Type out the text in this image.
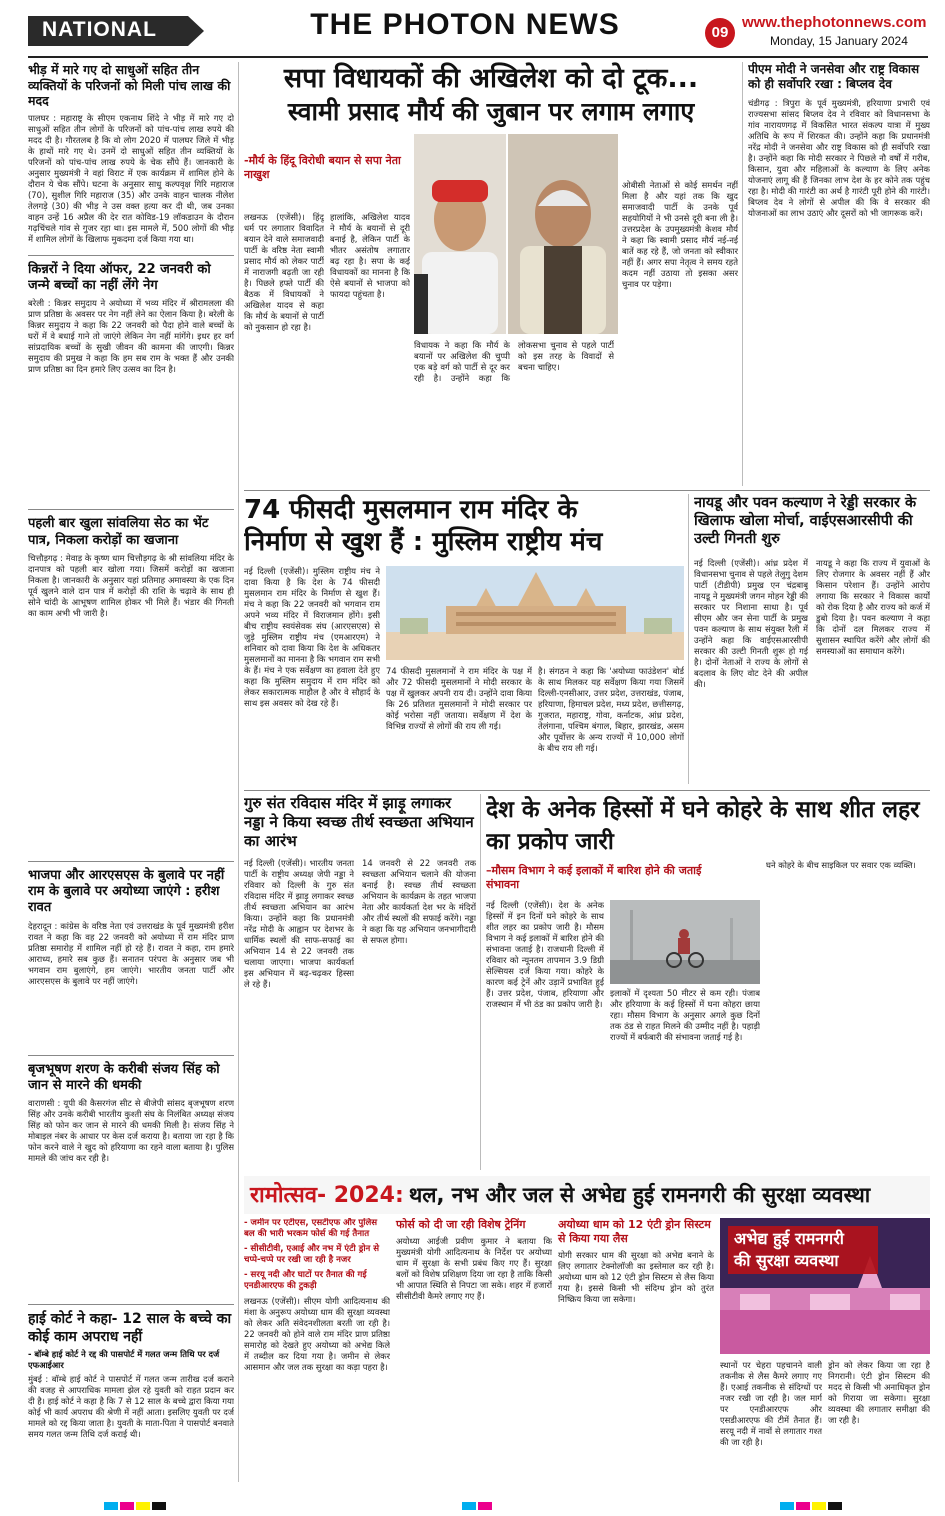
NATIONAL	THE PHOTON NEWS	09
www.thephotonnews.com
Monday, 15 January 2024
भीड़ में मारे गए दो साधुओं सहित तीन व्यक्तियों के परिजनों को मिली पांच लाख की मदद
पालघर : महाराष्ट्र के सीएम एकनाथ शिंदे ने भीड़ में मारे गए दो साधुओं सहित तीन लोगों के परिजनों को पांच-पांच लाख रुपये की मदद दी है। गौरतलब है कि वो लोग 2020 में पालघर जिले में भीड़ के हाथों मारे गए थे। उनमें दो साधुओं सहित तीन व्यक्तियों के परिजनों को पांच-पांच लाख रुपये के चेक सौंपे हैं। जानकारी के अनुसार मुख्यमंत्री ने वहां विराट में एक कार्यक्रम में शामिल होने के दौरान ये चेक सौंपे। घटना के अनुसार साधु कल्पवृक्ष गिरि महाराज (70), सुशील गिरि महाराज (35) और उनके वाहन चालक नीलेश तेलगड़े (30) की भीड़ ने उस वक्त हत्या कर दी थी, जब उनका वाहन उन्हें 16 अप्रैल की देर रात कोविड-19 लॉकडाउन के दौरान गढ़चिंचले गांव से गुजर रहा था। इस मामले में, 500 लोगों की भीड़ में शामिल लोगों के खिलाफ मुकदमा दर्ज किया गया था।
किन्नरों ने दिया ऑफर, 22 जनवरी को जन्मे बच्चों का नहीं लेंगे नेग
बरेली : किन्नर समुदाय ने अयोध्या में भव्य मंदिर में श्रीरामलला की प्राण प्रतिष्ठा के अवसर पर नेग नहीं लेने का ऐलान किया है। बरेली के किन्नर समुदाय ने कहा कि 22 जनवरी को पैदा होने वाले बच्चों के घरों में वे बधाई गाने तो जाएंगे लेकिन नेग नहीं मांगेंगे। इधर हर वर्ग सांप्रदायिक बच्चों के सुखी जीवन की कामना की जाएगी। किन्नर समुदाय की प्रमुख ने कहा कि हम सब राम के भक्त हैं और उनकी प्राण प्रतिष्ठा का दिन हमारे लिए उत्सव का दिन है।
पहली बार खुला सांवलिया सेठ का भेंट पात्र, निकला करोड़ों का खजाना
चित्तौड़गढ़ : मेवाड़ के कृष्ण धाम चित्तौड़गढ़ के श्री सांवलिया मंदिर के दानपात्र को पहली बार खोला गया। जिसमें करोड़ों का खजाना निकला है। जानकारी के अनुसार यहां प्रतिमाह अमावस्या के एक दिन पूर्व खुलने वाले दान पात्र में करोड़ों की राशि के चढ़ावे के साथ ही सोने चांदी के आभूषण शामिल होकर भी मिले हैं। भंडार की गिनती का काम अभी भी जारी है।
भाजपा और आरएसएस के बुलावे पर नहीं राम के बुलावे पर अयोध्या जाएंगे : हरीश रावत
देहरादून : कांग्रेस के वरिष्ठ नेता एवं उत्तराखंड के पूर्व मुख्यमंत्री हरीश रावत ने कहा कि वह 22 जनवरी को अयोध्या में राम मंदिर प्राण प्रतिष्ठा समारोह में शामिल नहीं हो रहे हैं। रावत ने कहा, राम हमारे आराध्य, हमारे सब कुछ हैं। सनातन परंपरा के अनुसार जब भी भगवान राम बुलाएंगे, हम जाएंगे। भारतीय जनता पार्टी और आरएसएस के बुलावे पर नहीं जाएंगे।
बृजभूषण शरण के करीबी संजय सिंह को जान से मारने की धमकी
वाराणसी : यूपी की कैसरगंज सीट से बीजेपी सांसद बृजभूषण शरण सिंह और उनके करीबी भारतीय कुश्ती संघ के निलंबित अध्यक्ष संजय सिंह को फोन कर जान से मारने की धमकी मिली है। संजय सिंह ने मोबाइल नंबर के आधार पर केस दर्ज कराया है। बताया जा रहा है कि फोन करने वाले ने खुद को हरियाणा का रहने वाला बताया है। पुलिस मामले की जांच कर रही है।
हाई कोर्ट ने कहा- 12 साल के बच्चे का कोई काम अपराध नहीं
- बॉम्बे हाई कोर्ट ने रद्द की पासपोर्ट में गलत जन्म तिथि पर दर्ज एफआईआर
मुंबई : बॉम्बे हाई कोर्ट ने पासपोर्ट में गलत जन्म तारीख दर्ज कराने की वजह से आपराधिक मामला झेल रहे युवती को राहत प्रदान कर दी है। हाई कोर्ट ने कहा है कि 7 से 12 साल के बच्चे द्वारा किया गया कोई भी कार्य अपराध की श्रेणी में नहीं आता। इसलिए युवती पर दर्ज मामले को रद्द किया जाता है। युवती के माता-पिता ने पासपोर्ट बनवाते समय गलत जन्म तिथि दर्ज कराई थी।
सपा विधायकों की अखिलेश को दो टूक...
स्वामी प्रसाद मौर्य की जुबान पर लगाम लगाए
-मौर्य के हिंदू विरोधी बयान से सपा नेता नाखुश
लखनऊ (एजेंसी)। हिंदू धर्म पर लगातार विवादित बयान देने वाले समाजवादी पार्टी के वरिष्ठ नेता स्वामी प्रसाद मौर्य को लेकर पार्टी में नाराजगी बढ़ती जा रही है। पिछले हफ्ते पार्टी की बैठक में विधायकों ने अखिलेश यादव से कहा कि मौर्य के बयानों से पार्टी को नुकसान हो रहा है।
हालांकि, अखिलेश यादव ने मौर्य के बयानों से दूरी बनाई है, लेकिन पार्टी के भीतर असंतोष लगातार बढ़ रहा है। सपा के कई विधायकों का मानना है कि ऐसे बयानों से भाजपा को फायदा पहुंचता है।
विधायक ने कहा कि मौर्य के बयानों पर अखिलेश की चुप्पी एक बड़े वर्ग को पार्टी से दूर कर रही है। उन्होंने कहा कि लोकसभा चुनाव से पहले पार्टी को इस तरह के विवादों से बचना चाहिए।
ओबीसी नेताओं से कोई समर्थन नहीं मिला है और यहां तक कि खुद समाजवादी पार्टी के उनके पूर्व सहयोगियों ने भी उनसे दूरी बना ली है। उत्तरप्रदेश के उपमुख्यमंत्री केशव मौर्य ने कहा कि स्वामी प्रसाद मौर्य नई-नई बातें कह रहे हैं, जो जनता को स्वीकार नहीं हैं। अगर सपा नेतृत्व ने समय रहते कदम नहीं उठाया तो इसका असर चुनाव पर पड़ेगा।
पीएम मोदी ने जनसेवा और राष्ट्र विकास को ही सर्वोपरि रखा : बिप्लव देव
चंडीगढ़ : त्रिपुरा के पूर्व मुख्यमंत्री, हरियाणा प्रभारी एवं राज्यसभा सांसद बिप्लव देव ने रविवार को विधानसभा के गांव नारायणगढ़ में विकसित भारत संकल्प यात्रा में मुख्य अतिथि के रूप में शिरकत की। उन्होंने कहा कि प्रधानमंत्री नरेंद्र मोदी ने जनसेवा और राष्ट्र विकास को ही सर्वोपरि रखा है। उन्होंने कहा कि मोदी सरकार ने पिछले नौ वर्षों में गरीब, किसान, युवा और महिलाओं के कल्याण के लिए अनेक योजनाएं लागू की हैं जिनका लाभ देश के हर कोने तक पहुंच रहा है। मोदी की गारंटी का अर्थ है गारंटी पूरी होने की गारंटी। बिप्लव देव ने लोगों से अपील की कि वे सरकार की योजनाओं का लाभ उठाएं और दूसरों को भी जागरूक करें।
74 फीसदी मुसलमान राम मंदिर के
निर्माण से खुश हैं : मुस्लिम राष्ट्रीय मंच
नई दिल्ली (एजेंसी)। मुस्लिम राष्ट्रीय मंच ने दावा किया है कि देश के 74 फीसदी मुसलमान राम मंदिर के निर्माण से खुश हैं। मंच ने कहा कि 22 जनवरी को भगवान राम अपने भव्य मंदिर में विराजमान होंगे। इसी बीच राष्ट्रीय स्वयंसेवक संघ (आरएसएस) से जुड़े मुस्लिम राष्ट्रीय मंच (एमआरएम) ने शनिवार को दावा किया कि देश के अधिकतर मुसलमानों का मानना है कि भगवान राम सभी के हैं। मंच ने एक सर्वेक्षण का हवाला देते हुए कहा कि मुस्लिम समुदाय में राम मंदिर को लेकर सकारात्मक माहौल है और वे सौहार्द के साथ इस अवसर को देख रहे हैं।
74 फीसदी मुसलमानों ने राम मंदिर के पक्ष में और 72 फीसदी मुसलमानों ने मोदी सरकार के पक्ष में खुलकर अपनी राय दी। उन्होंने दावा किया कि 26 प्रतिशत मुसलमानों ने मोदी सरकार पर कोई भरोसा नहीं जताया। सर्वेक्षण में देश के विभिन्न राज्यों से लोगों की राय ली गई।
है। संगठन ने कहा कि 'अयोध्या फाउंडेशन' बोर्ड के साथ मिलकर यह सर्वेक्षण किया गया जिसमें दिल्ली-एनसीआर, उत्तर प्रदेश, उत्तराखंड, पंजाब, हरियाणा, हिमाचल प्रदेश, मध्य प्रदेश, छत्तीसगढ़, गुजरात, महाराष्ट्र, गोवा, कर्नाटक, आंध्र प्रदेश, तेलंगाना, पश्चिम बंगाल, बिहार, झारखंड, असम और पूर्वोत्तर के अन्य राज्यों में 10,000 लोगों के बीच राय ली गई।
नायडू और पवन कल्याण ने रेड्डी सरकार के खिलाफ खोला मोर्चा, वाईएसआरसीपी की उल्टी गिनती शुरु
नई दिल्ली (एजेंसी)। आंध्र प्रदेश में विधानसभा चुनाव से पहले तेलुगु देशम पार्टी (टीडीपी) प्रमुख एन चंद्रबाबू नायडू ने मुख्यमंत्री जगन मोहन रेड्डी की सरकार पर निशाना साधा है। पूर्व सीएम और जन सेना पार्टी के प्रमुख पवन कल्याण के साथ संयुक्त रैली में उन्होंने कहा कि वाईएसआरसीपी सरकार की उल्टी गिनती शुरू हो गई है। दोनों नेताओं ने राज्य के लोगों से बदलाव के लिए वोट देने की अपील की।
नायडू ने कहा कि राज्य में युवाओं के लिए रोजगार के अवसर नहीं हैं और किसान परेशान हैं। उन्होंने आरोप लगाया कि सरकार ने विकास कार्यों को रोक दिया है और राज्य को कर्ज में डुबो दिया है। पवन कल्याण ने कहा कि दोनों दल मिलकर राज्य में सुशासन स्थापित करेंगे और लोगों की समस्याओं का समाधान करेंगे।
गुरु संत रविदास मंदिर में झाड़ू लगाकर नड्डा ने किया स्वच्छ तीर्थ स्वच्छता अभियान का आरंभ
नई दिल्ली (एजेंसी)। भारतीय जनता पार्टी के राष्ट्रीय अध्यक्ष जेपी नड्डा ने रविवार को दिल्ली के गुरु संत रविदास मंदिर में झाड़ू लगाकर स्वच्छ तीर्थ स्वच्छता अभियान का आरंभ किया। उन्होंने कहा कि प्रधानमंत्री नरेंद्र मोदी के आह्वान पर देशभर के धार्मिक स्थलों की साफ-सफाई का अभियान 14 से 22 जनवरी तक चलाया जाएगा। भाजपा कार्यकर्ता इस अभियान में बढ़-चढ़कर हिस्सा ले रहे हैं।
14 जनवरी से 22 जनवरी तक स्वच्छता अभियान चलाने की योजना बनाई है। स्वच्छ तीर्थ स्वच्छता अभियान के कार्यक्रम के तहत भाजपा नेता और कार्यकर्ता देश भर के मंदिरों और तीर्थ स्थलों की सफाई करेंगे। नड्डा ने कहा कि यह अभियान जनभागीदारी से सफल होगा।
देश के अनेक हिस्सों में घने कोहरे के साथ शीत लहर का प्रकोप जारी
–मौसम विभाग ने कई इलाकों में बारिश होने की जताई संभावना
नई दिल्ली (एजेंसी)। देश के अनेक हिस्सों में इन दिनों घने कोहरे के साथ शीत लहर का प्रकोप जारी है। मौसम विभाग ने कई इलाकों में बारिश होने की संभावना जताई है। राजधानी दिल्ली में रविवार को न्यूनतम तापमान 3.9 डिग्री सेल्सियस दर्ज किया गया। कोहरे के कारण कई ट्रेनें और उड़ानें प्रभावित हुई हैं। उत्तर प्रदेश, पंजाब, हरियाणा और राजस्थान में भी ठंड का प्रकोप जारी है।
इलाकों में दृश्यता 50 मीटर से कम रही। पंजाब और हरियाणा के कई हिस्सों में घना कोहरा छाया रहा। मौसम विभाग के अनुसार अगले कुछ दिनों तक ठंड से राहत मिलने की उम्मीद नहीं है। पहाड़ी राज्यों में बर्फबारी की संभावना जताई गई है।
घने कोहरे के बीच साइकिल पर सवार एक व्यक्ति।
रामोत्सव- 2024: थल, नभ और जल से अभेद्य हुई रामनगरी की सुरक्षा व्यवस्था
- जमीन पर एटीएस, एसटीएफ और पुलिस बल की भारी भरकम फोर्स की गई तैनात
- सीसीटीवी, एआई और नभ में एंटी ड्रोन से चप्पे-चप्पे पर रखी जा रही है नजर
- सरयू नदी और घाटों पर तैनात की गई एनडीआरएफ की टुकड़ी
लखनऊ (एजेंसी)। सीएम योगी आदित्यनाथ की मंशा के अनुरूप अयोध्या धाम की सुरक्षा व्यवस्था को लेकर अति संवेदनशीलता बरती जा रही है। 22 जनवरी को होने वाले राम मंदिर प्राण प्रतिष्ठा समारोह को देखते हुए अयोध्या को अभेद्य किले में तब्दील कर दिया गया है। जमीन से लेकर आसमान और जल तक सुरक्षा का कड़ा पहरा है।
फोर्स को दी जा रही विशेष ट्रेनिंग
अयोध्या आईजी प्रवीण कुमार ने बताया कि मुख्यमंत्री योगी आदित्यनाथ के निर्देश पर अयोध्या धाम में सुरक्षा के सभी प्रबंध किए गए हैं। सुरक्षा बलों को विशेष प्रशिक्षण दिया जा रहा है ताकि किसी भी आपात स्थिति से निपटा जा सके। शहर में हजारों सीसीटीवी कैमरे लगाए गए हैं।
अयोध्या धाम को 12 एंटी ड्रोन सिस्टम से किया गया लैस
योगी सरकार धाम की सुरक्षा को अभेद्य बनाने के लिए लगातार टेक्नोलॉजी का इस्तेमाल कर रही है। अयोध्या धाम को 12 एंटी ड्रोन सिस्टम से लैस किया गया है। इससे किसी भी संदिग्ध ड्रोन को तुरंत निष्क्रिय किया जा सकेगा।
अभेद्य हुई रामनगरी
की सुरक्षा व्यवस्था
स्थानों पर चेहरा पहचानने वाली तकनीक से लैस कैमरे लगाए गए हैं। एआई तकनीक से संदिग्धों पर नजर रखी जा रही है। जल मार्ग पर एनडीआरएफ और एसडीआरएफ की टीमें तैनात हैं। सरयू नदी में नावों से लगातार गश्त की जा रही है।
ड्रोन को लेकर किया जा रहा है निगरानी। एंटी ड्रोन सिस्टम की मदद से किसी भी अनाधिकृत ड्रोन को गिराया जा सकेगा। सुरक्षा व्यवस्था की लगातार समीक्षा की जा रही है।
